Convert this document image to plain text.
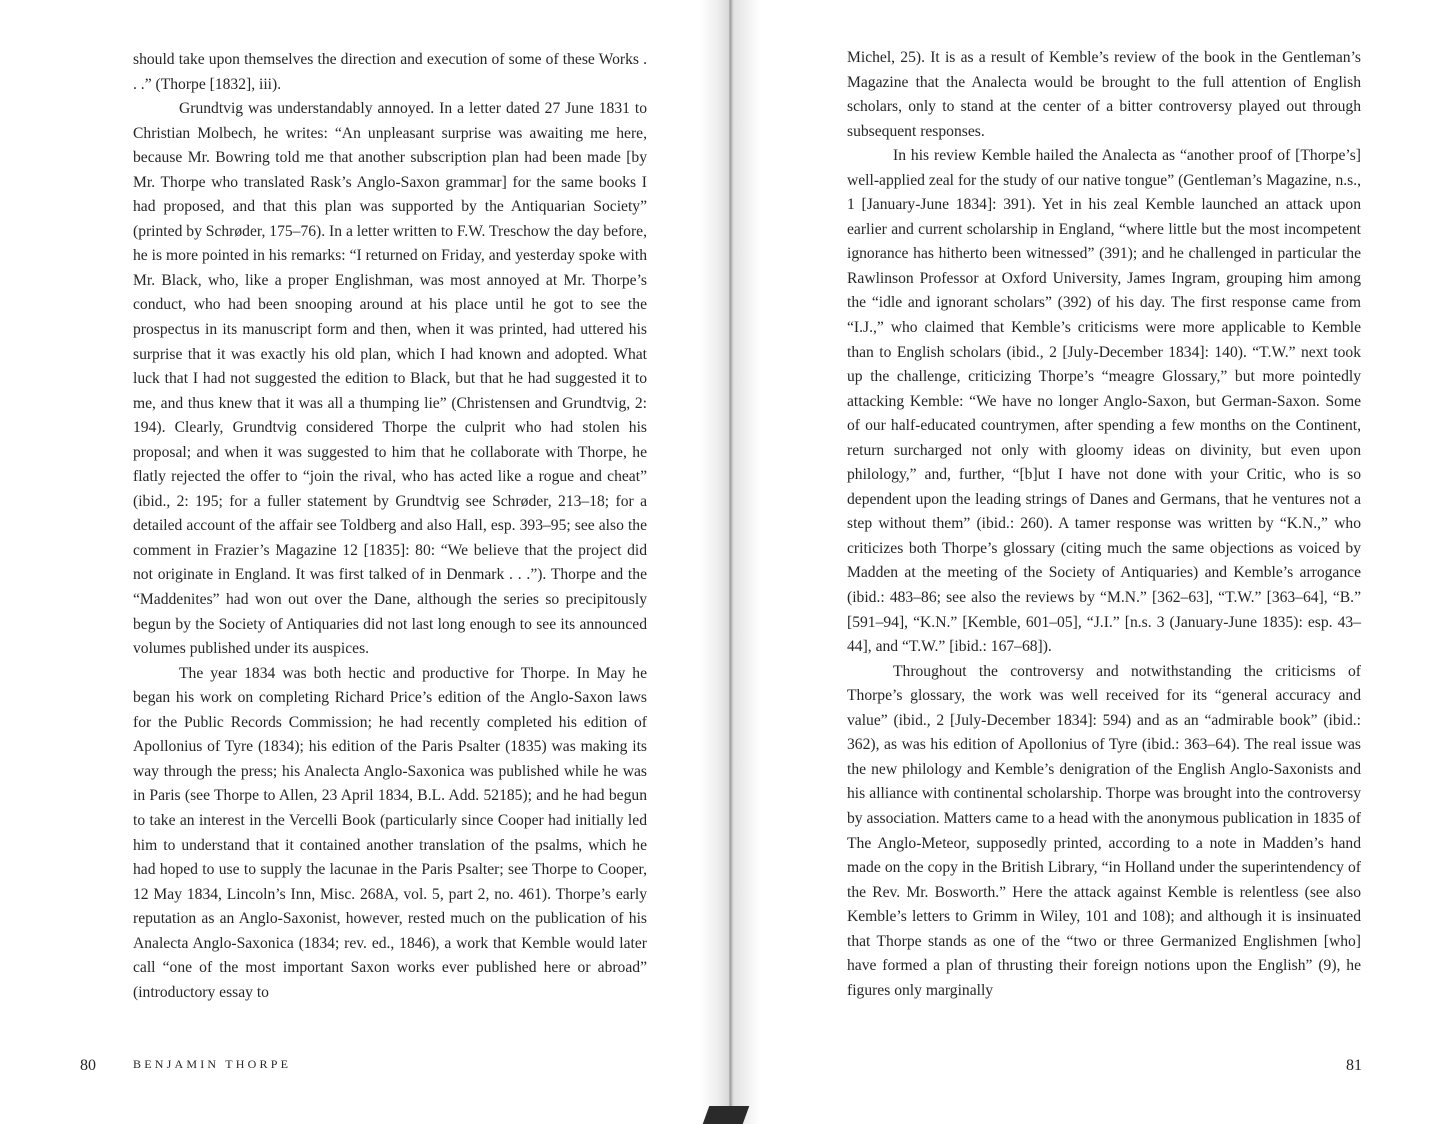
should take upon themselves the direction and execution of some of these Works . . .” (Thorpe [1832], iii).

Grundtvig was understandably annoyed. In a letter dated 27 June 1831 to Christian Molbech, he writes: “An unpleasant surprise was awaiting me here, because Mr. Bowring told me that another subscription plan had been made [by Mr. Thorpe who translated Rask’s Anglo-Saxon grammar] for the same books I had proposed, and that this plan was supported by the Antiquarian Society” (printed by Schrøder, 175–76). In a letter written to F.W. Treschow the day before, he is more pointed in his remarks: “I returned on Friday, and yesterday spoke with Mr. Black, who, like a proper Englishman, was most annoyed at Mr. Thorpe’s conduct, who had been snooping around at his place until he got to see the prospectus in its manuscript form and then, when it was printed, had uttered his surprise that it was exactly his old plan, which I had known and adopted. What luck that I had not suggested the edition to Black, but that he had suggested it to me, and thus knew that it was all a thumping lie” (Christensen and Grundtvig, 2: 194). Clearly, Grundtvig considered Thorpe the culprit who had stolen his proposal; and when it was suggested to him that he collaborate with Thorpe, he flatly rejected the offer to “join the rival, who has acted like a rogue and cheat” (ibid., 2: 195; for a fuller statement by Grundtvig see Schrøder, 213–18; for a detailed account of the affair see Toldberg and also Hall, esp. 393–95; see also the comment in Frazier’s Magazine 12 [1835]: 80: “We believe that the project did not originate in England. It was first talked of in Denmark . . .”). Thorpe and the “Maddenites” had won out over the Dane, although the series so precipitously begun by the Society of Antiquaries did not last long enough to see its announced volumes published under its auspices.

The year 1834 was both hectic and productive for Thorpe. In May he began his work on completing Richard Price’s edition of the Anglo-Saxon laws for the Public Records Commission; he had recently completed his edition of Apollonius of Tyre (1834); his edition of the Paris Psalter (1835) was making its way through the press; his Analecta Anglo-Saxonica was published while he was in Paris (see Thorpe to Allen, 23 April 1834, B.L. Add. 52185); and he had begun to take an interest in the Vercelli Book (particularly since Cooper had initially led him to understand that it contained another translation of the psalms, which he had hoped to use to supply the lacunae in the Paris Psalter; see Thorpe to Cooper, 12 May 1834, Lincoln’s Inn, Misc. 268A, vol. 5, part 2, no. 461). Thorpe’s early reputation as an Anglo-Saxonist, however, rested much on the publication of his Analecta Anglo-Saxonica (1834; rev. ed., 1846), a work that Kemble would later call “one of the most important Saxon works ever published here or abroad” (introductory essay to

80	BENJAMIN THORPE

Michel, 25). It is as a result of Kemble’s review of the book in the Gentleman’s Magazine that the Analecta would be brought to the full attention of English scholars, only to stand at the center of a bitter controversy played out through subsequent responses.

In his review Kemble hailed the Analecta as “another proof of [Thorpe’s] well-applied zeal for the study of our native tongue” (Gentleman’s Magazine, n.s., 1 [January-June 1834]: 391). Yet in his zeal Kemble launched an attack upon earlier and current scholarship in England, “where little but the most incompetent ignorance has hitherto been witnessed” (391); and he challenged in particular the Rawlinson Professor at Oxford University, James Ingram, grouping him among the “idle and ignorant scholars” (392) of his day. The first response came from “I.J.,” who claimed that Kemble’s criticisms were more applicable to Kemble than to English scholars (ibid., 2 [July-December 1834]: 140). “T.W.” next took up the challenge, criticizing Thorpe’s “meagre Glossary,” but more pointedly attacking Kemble: “We have no longer Anglo-Saxon, but German-Saxon. Some of our half-educated countrymen, after spending a few months on the Continent, return surcharged not only with gloomy ideas on divinity, but even upon philology,” and, further, “[b]ut I have not done with your Critic, who is so dependent upon the leading strings of Danes and Germans, that he ventures not a step without them” (ibid.: 260). A tamer response was written by “K.N.,” who criticizes both Thorpe’s glossary (citing much the same objections as voiced by Madden at the meeting of the Society of Antiquaries) and Kemble’s arrogance (ibid.: 483–86; see also the reviews by “M.N.” [362–63], “T.W.” [363–64], “B.” [591–94], “K.N.” [Kemble, 601–05], “J.I.” [n.s. 3 (January-June 1835): esp. 43–44], and “T.W.” [ibid.: 167–68]).

Throughout the controversy and notwithstanding the criticisms of Thorpe’s glossary, the work was well received for its “general accuracy and value” (ibid., 2 [July-December 1834]: 594) and as an “admirable book” (ibid.: 362), as was his edition of Apollonius of Tyre (ibid.: 363–64). The real issue was the new philology and Kemble’s denigration of the English Anglo-Saxonists and his alliance with continental scholarship. Thorpe was brought into the controversy by association. Matters came to a head with the anonymous publication in 1835 of The Anglo-Meteor, supposedly printed, according to a note in Madden’s hand made on the copy in the British Library, “in Holland under the superintendency of the Rev. Mr. Bosworth.” Here the attack against Kemble is relentless (see also Kemble’s letters to Grimm in Wiley, 101 and 108); and although it is insinuated that Thorpe stands as one of the “two or three Germanized Englishmen [who] have formed a plan of thrusting their foreign notions upon the English” (9), he figures only marginally

81
